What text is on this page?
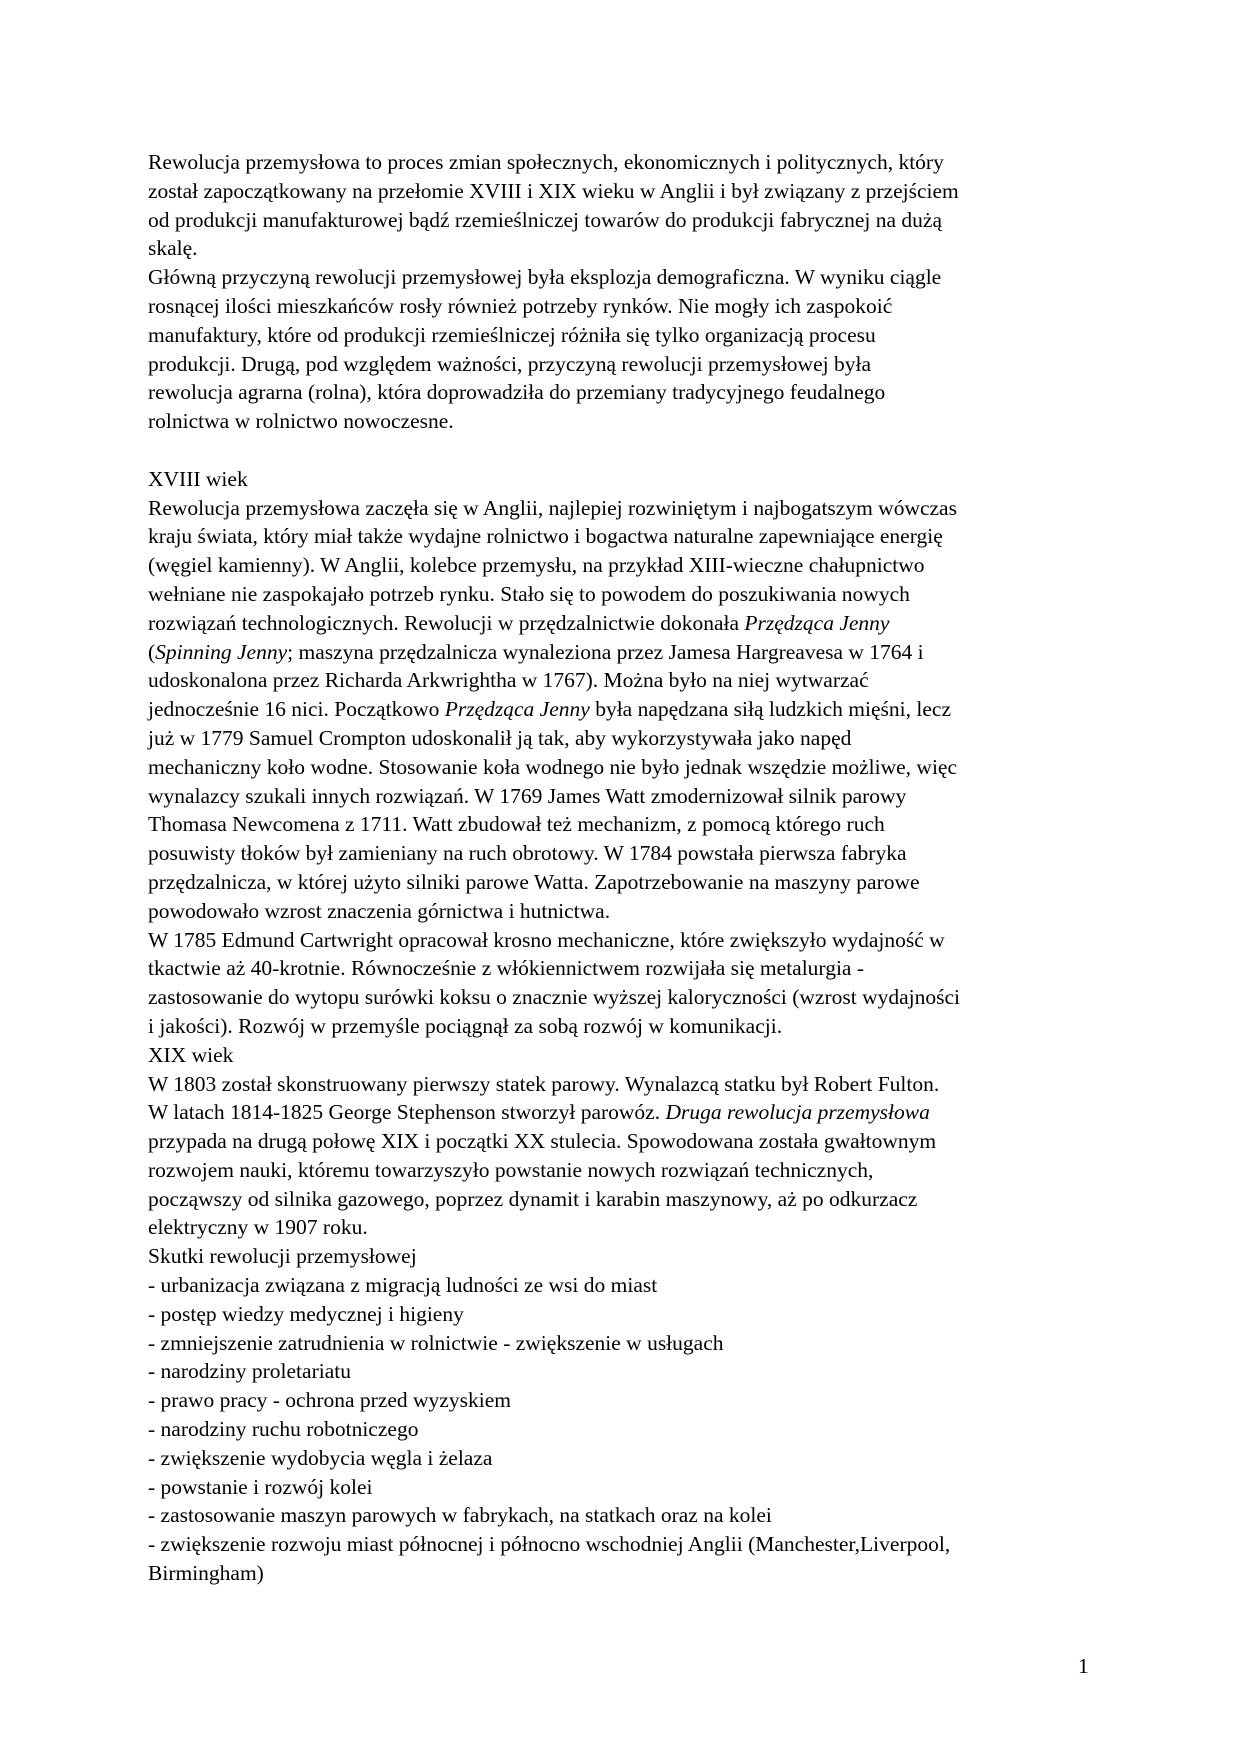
Rewolucja przemysłowa to proces zmian społecznych, ekonomicznych i politycznych, który
został zapoczątkowany na przełomie XVIII i XIX wieku w Anglii i był związany z przejściem
od produkcji manufakturowej bądź rzemieślniczej towarów do produkcji fabrycznej na dużą
skalę.
Główną przyczyną rewolucji przemysłowej była eksplozja demograficzna. W wyniku ciągle
rosnącej ilości mieszkańców rosły również potrzeby rynków. Nie mogły ich zaspokoić
manufaktury, które od produkcji rzemieślniczej różniła się tylko organizacją procesu
produkcji. Drugą, pod względem ważności, przyczyną rewolucji przemysłowej była
rewolucja agrarna (rolna), która doprowadziła do przemiany tradycyjnego feudalnego
rolnictwa w rolnictwo nowoczesne.
XVIII wiek
Rewolucja przemysłowa zaczęła się w Anglii, najlepiej rozwiniętym i najbogatszym wówczas
kraju świata, który miał także wydajne rolnictwo i bogactwa naturalne zapewniające energię
(węgiel kamienny). W Anglii, kolebce przemysłu, na przykład XIII-wieczne chałupnictwo
wełniane nie zaspokajało potrzeb rynku. Stało się to powodem do poszukiwania nowych
rozwiązań technologicznych. Rewolucji w przędzalnictwie dokonała Przędząca Jenny
(Spinning Jenny; maszyna przędzalnicza wynaleziona przez Jamesa Hargreavesa w 1764 i
udoskonalona przez Richarda Arkwrightha w 1767). Można było na niej wytwarzać
jednocześnie 16 nici. Początkowo Przędząca Jenny była napędzana siłą ludzkich mięśni, lecz
już w 1779 Samuel Crompton udoskonalił ją tak, aby wykorzystywała jako napęd
mechaniczny koło wodne. Stosowanie koła wodnego nie było jednak wszędzie możliwe, więc
wynalazcy szukali innych rozwiązań. W 1769 James Watt zmodernizował silnik parowy
Thomasa Newcomena z 1711. Watt zbudował też mechanizm, z pomocą którego ruch
posuwisty tłoków był zamieniany na ruch obrotowy. W 1784 powstała pierwsza fabryka
przędzalnicza, w której użyto silniki parowe Watta. Zapotrzebowanie na maszyny parowe
powodowało wzrost znaczenia górnictwa i hutnictwa.
W 1785 Edmund Cartwright opracował krosno mechaniczne, które zwiększyło wydajność w
tkactwie aż 40-krotnie. Równocześnie z włókiennictwem rozwijała się metalurgia -
zastosowanie do wytopu surówki koksu o znacznie wyższej kaloryczności (wzrost wydajności
i jakości). Rozwój w przemyśle pociągnął za sobą rozwój w komunikacji.
XIX wiek
W 1803 został skonstruowany pierwszy statek parowy. Wynalazcą statku był Robert Fulton.
W latach 1814-1825 George Stephenson stworzył parowóz. Druga rewolucja przemysłowa
przypada na drugą połowę XIX i początki XX stulecia. Spowodowana została gwałtownym
rozwojem nauki, któremu towarzyszyło powstanie nowych rozwiązań technicznych,
począwszy od silnika gazowego, poprzez dynamit i karabin maszynowy, aż po odkurzacz
elektryczny w 1907 roku.
Skutki rewolucji przemysłowej
- urbanizacja związana z migracją ludności ze wsi do miast
- postęp wiedzy medycznej i higieny
- zmniejszenie zatrudnienia w rolnictwie - zwiększenie w usługach
- narodziny proletariatu
- prawo pracy - ochrona przed wyzyskiem
- narodziny ruchu robotniczego
- zwiększenie wydobycia węgla i żelaza
- powstanie i rozwój kolei
- zastosowanie maszyn parowych w fabrykach, na statkach oraz na kolei
- zwiększenie rozwoju miast północnej i północno wschodniej Anglii (Manchester,Liverpool,
Birmingham)
1
